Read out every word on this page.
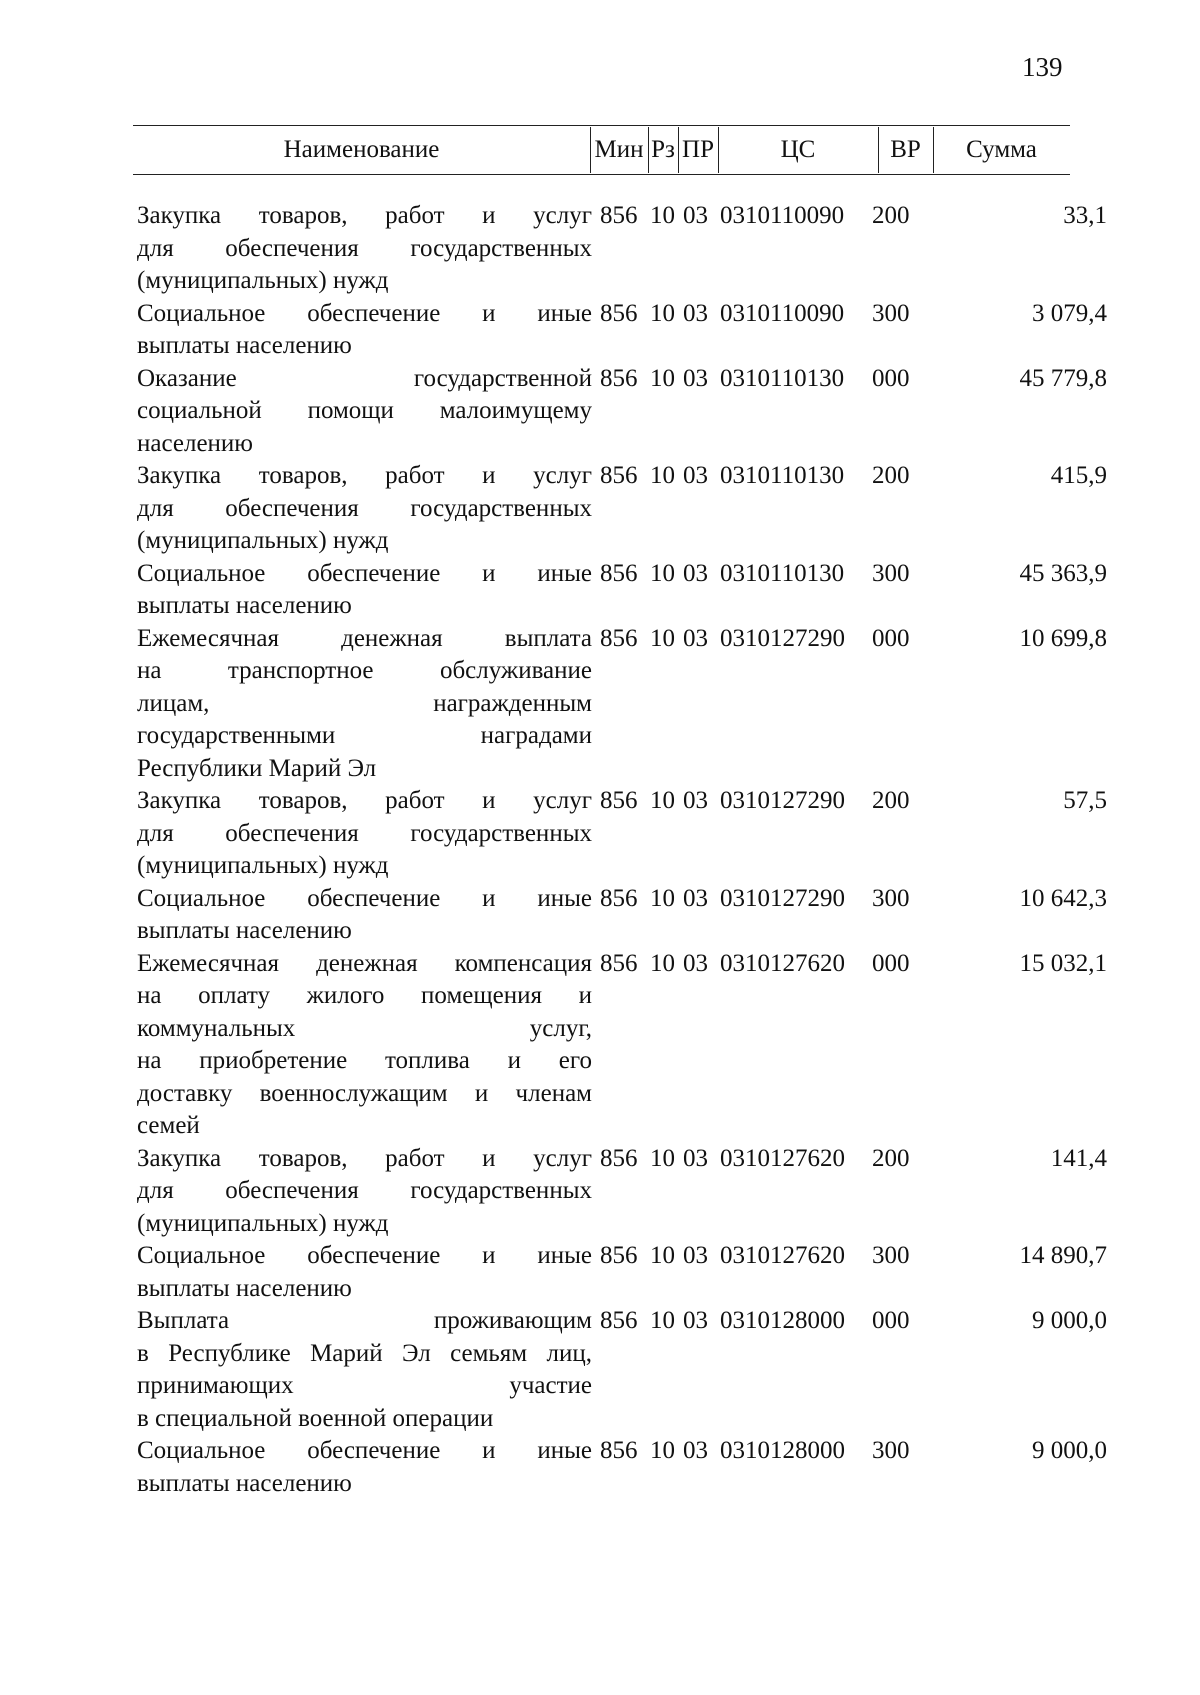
139
Наименование	Мин Рз ПР	ЦС	ВР	Сумма
Закупка товаров, работ и услуг
для обеспечения государственных
(муниципальных) нужд
856 10 03 0310110090 200	33,1
Социальное обеспечение и иные
выплаты населению
856 10 03 0310110090 300	3 079,4
Оказание государственной
социальной помощи малоимущему
населению
856 10 03 0310110130 000	45 779,8
Закупка товаров, работ и услуг
для обеспечения государственных
(муниципальных) нужд
856 10 03 0310110130 200	415,9
Социальное обеспечение и иные
выплаты населению
856 10 03 0310110130 300	45 363,9
Ежемесячная денежная выплата
на транспортное обслуживание
лицам, награжденным
государственными наградами
Республики Марий Эл
856 10 03 0310127290 000	10 699,8
Закупка товаров, работ и услуг
для обеспечения государственных
(муниципальных) нужд
856 10 03 0310127290 200	57,5
Социальное обеспечение и иные
выплаты населению
856 10 03 0310127290 300	10 642,3
Ежемесячная денежная компенсация
на оплату жилого помещения и
коммунальных услуг,
на приобретение топлива и его
доставку военнослужащим и членам
семей
856 10 03 0310127620 000	15 032,1
Закупка товаров, работ и услуг
для обеспечения государственных
(муниципальных) нужд
856 10 03 0310127620 200	141,4
Социальное обеспечение и иные
выплаты населению
856 10 03 0310127620 300	14 890,7
Выплата проживающим
в Республике Марий Эл семьям лиц,
принимающих участие
в специальной военной операции
856 10 03 0310128000 000	9 000,0
Социальное обеспечение и иные
выплаты населению
856 10 03 0310128000 300	9 000,0
